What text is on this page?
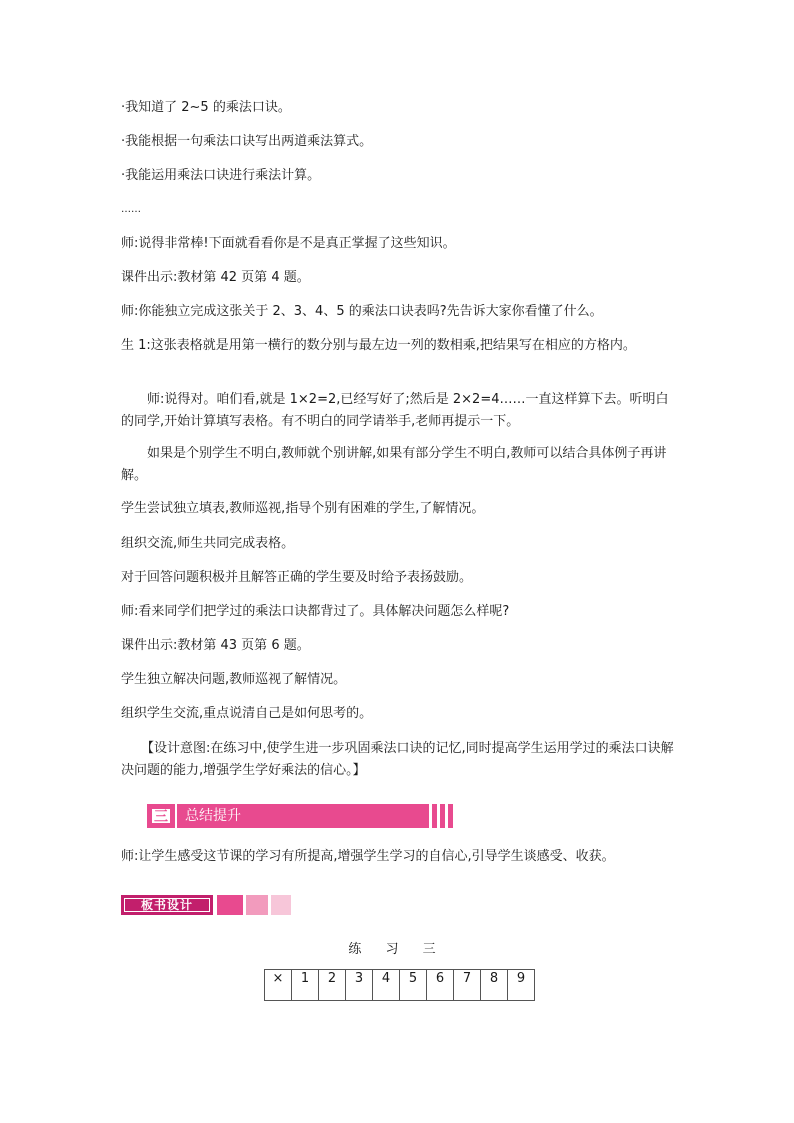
·我知道了 2~5 的乘法口诀。

·我能根据一句乘法口诀写出两道乘法算式。

·我能运用乘法口诀进行乘法计算。

……

师:说得非常棒!下面就看看你是不是真正掌握了这些知识。

课件出示:教材第 42 页第 4 题。

师:你能独立完成这张关于 2、3、4、5 的乘法口诀表吗?先告诉大家你看懂了什么。

生 1:这张表格就是用第一横行的数分别与最左边一列的数相乘,把结果写在相应的方格内。

师:说得对。咱们看,就是 1×2=2,已经写好了;然后是 2×2=4……一直这样算下去。听明白的同学,开始计算填写表格。有不明白的同学请举手,老师再提示一下。

如果是个别学生不明白,教师就个别讲解,如果有部分学生不明白,教师可以结合具体例子再讲解。

学生尝试独立填表,教师巡视,指导个别有困难的学生,了解情况。

组织交流,师生共同完成表格。

对于回答问题积极并且解答正确的学生要及时给予表扬鼓励。

师:看来同学们把学过的乘法口诀都背过了。具体解决问题怎么样呢?

课件出示:教材第 43 页第 6 题。

学生独立解决问题,教师巡视了解情况。

组织学生交流,重点说清自己是如何思考的。

【设计意图:在练习中,使学生进一步巩固乘法口诀的记忆,同时提高学生运用学过的乘法口诀解决问题的能力,增强学生学好乘法的信心。】

三 总结提升

师:让学生感受这节课的学习有所提高,增强学生学习的自信心,引导学生谈感受、收获。

板书设计
练 习 三
×	1	2	3	4	5	6	7	8	9
